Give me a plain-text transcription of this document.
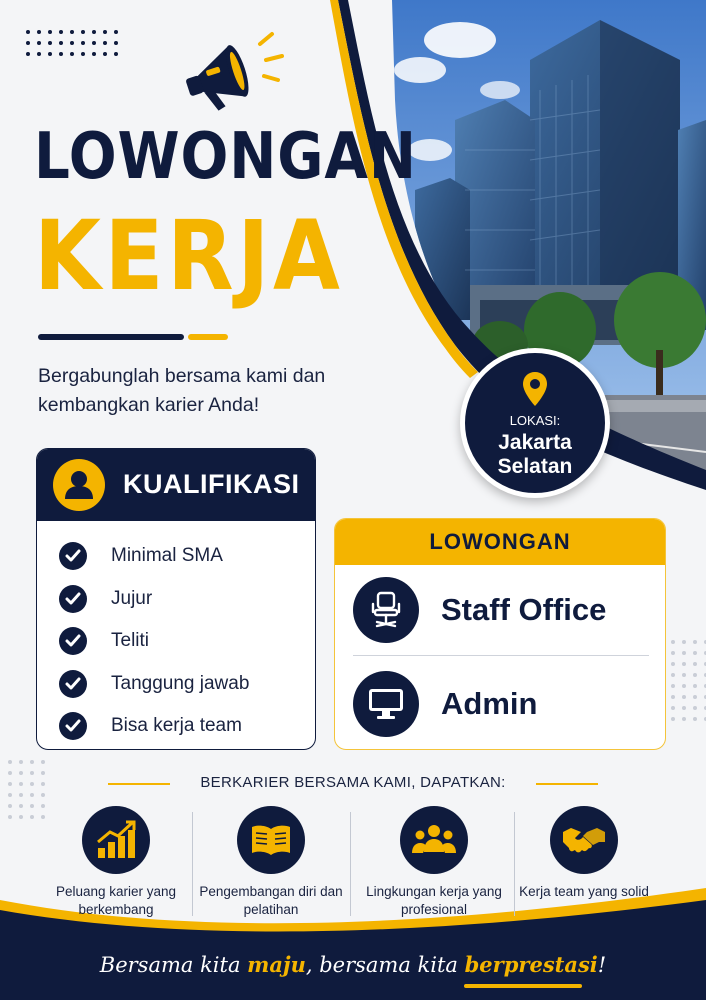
LOWONGAN
KERJA
Bergabunglah bersama kami dan kembangkan karier Anda!
LOKASI:
Jakarta Selatan
KUALIFIKASI
Minimal SMA
Jujur
Teliti
Tanggung jawab
Bisa kerja team
LOWONGAN
Staff Office
Admin
BERKARIER BERSAMA KAMI, DAPATKAN:
Peluang karier yang berkembang
Pengembangan diri dan pelatihan
Lingkungan kerja yang profesional
Kerja team yang solid
Bersama kita maju, bersama kita berprestasi!
